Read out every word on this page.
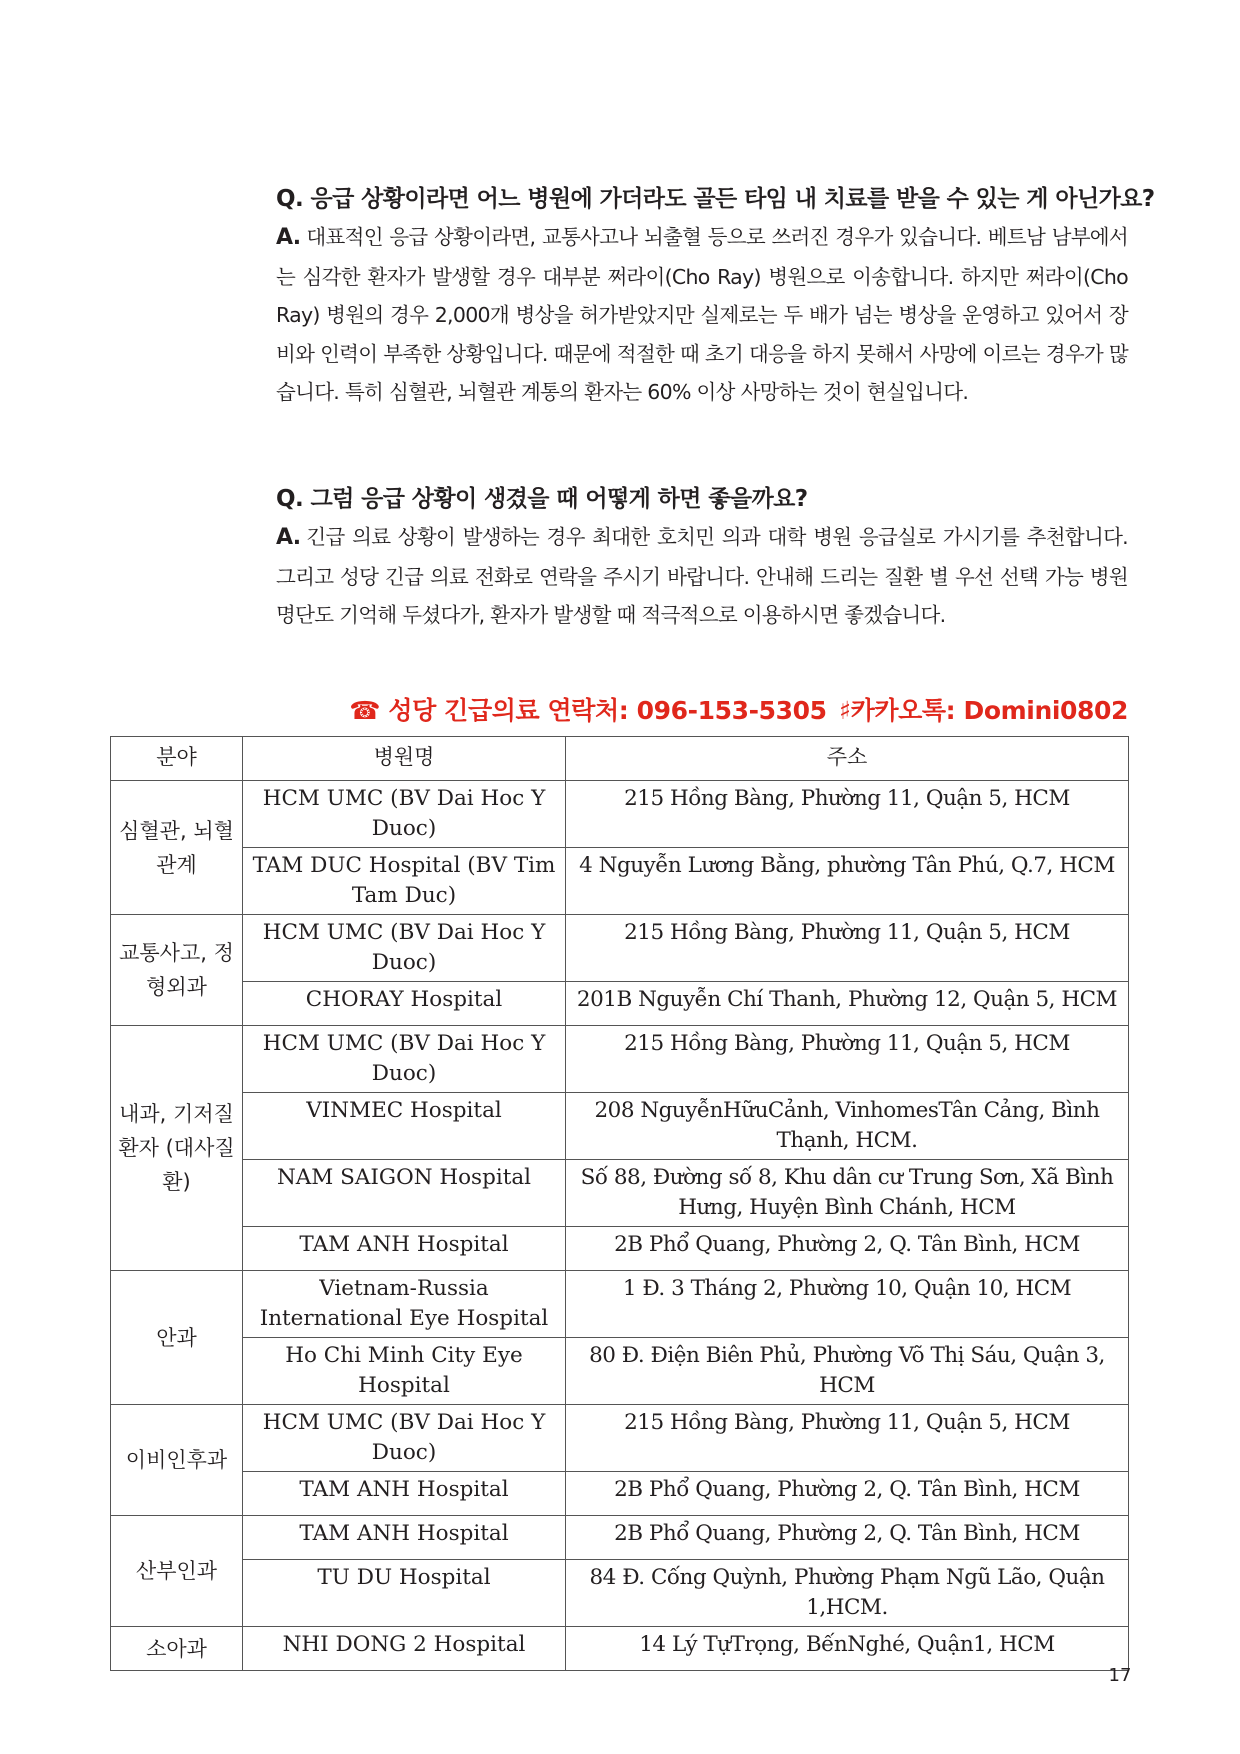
Q. 응급 상황이라면 어느 병원에 가더라도 골든 타임 내 치료를 받을 수 있는 게 아닌가요?

A. 대표적인 응급 상황이라면, 교통사고나 뇌출혈 등으로 쓰러진 경우가 있습니다. 베트남 남부에서는 심각한 환자가 발생할 경우 대부분 쩌라이(Cho Ray) 병원으로 이송합니다. 하지만 쩌라이(Cho Ray) 병원의 경우 2,000개 병상을 허가받았지만 실제로는 두 배가 넘는 병상을 운영하고 있어서 장비와 인력이 부족한 상황입니다. 때문에 적절한 때 초기 대응을 하지 못해서 사망에 이르는 경우가 많습니다. 특히 심혈관, 뇌혈관 계통의 환자는 60% 이상 사망하는 것이 현실입니다.

Q. 그럼 응급 상황이 생겼을 때 어떻게 하면 좋을까요?

A. 긴급 의료 상황이 발생하는 경우 최대한 호치민 의과 대학 병원 응급실로 가시기를 추천합니다. 그리고 성당 긴급 의료 전화로 연락을 주시기 바랍니다. 안내해 드리는 질환 별 우선 선택 가능 병원 명단도 기억해 두셨다가, 환자가 발생할 때 적극적으로 이용하시면 좋겠습니다.

☎ 성당 긴급의료 연락처: 096-153-5305 ♯카카오톡: Domini0802
분야	병원명	주소
심혈관, 뇌혈관계	HCM UMC (BV Dai Hoc Y Duoc)	215 Hồng Bàng, Phường 11, Quận 5, HCM
	TAM DUC Hospital (BV Tim Tam Duc)	4 Nguyễn Lương Bằng, phường Tân Phú, Q.7, HCM
교통사고, 정형외과	HCM UMC (BV Dai Hoc Y Duoc)	215 Hồng Bàng, Phường 11, Quận 5, HCM
	CHORAY Hospital	201B Nguyễn Chí Thanh, Phường 12, Quận 5, HCM
내과, 기저질환자 (대사질환)	HCM UMC (BV Dai Hoc Y Duoc)	215 Hồng Bàng, Phường 11, Quận 5, HCM
	VINMEC Hospital	208 NguyễnHữuCảnh, VinhomesTân Cảng, Bình Thạnh, HCM.
	NAM SAIGON Hospital	Số 88, Đường số 8, Khu dân cư Trung Sơn, Xã Bình Hưng, Huyện Bình Chánh, HCM
	TAM ANH Hospital	2B Phổ Quang, Phường 2, Q. Tân Bình, HCM
안과	Vietnam-Russia International Eye Hospital	1 Đ. 3 Tháng 2, Phường 10, Quận 10, HCM
	Ho Chi Minh City Eye Hospital	80 Đ. Điện Biên Phủ, Phường Võ Thị Sáu, Quận 3, HCM
이비인후과	HCM UMC (BV Dai Hoc Y Duoc)	215 Hồng Bàng, Phường 11, Quận 5, HCM
	TAM ANH Hospital	2B Phổ Quang, Phường 2, Q. Tân Bình, HCM
산부인과	TAM ANH Hospital	2B Phổ Quang, Phường 2, Q. Tân Bình, HCM
	TU DU Hospital	84 Đ. Cống Quỳnh, Phường Phạm Ngũ Lão, Quận 1,HCM.
소아과	NHI DONG 2 Hospital	14 Lý TựTrọng, BếnNghé, Quận1, HCM
17
